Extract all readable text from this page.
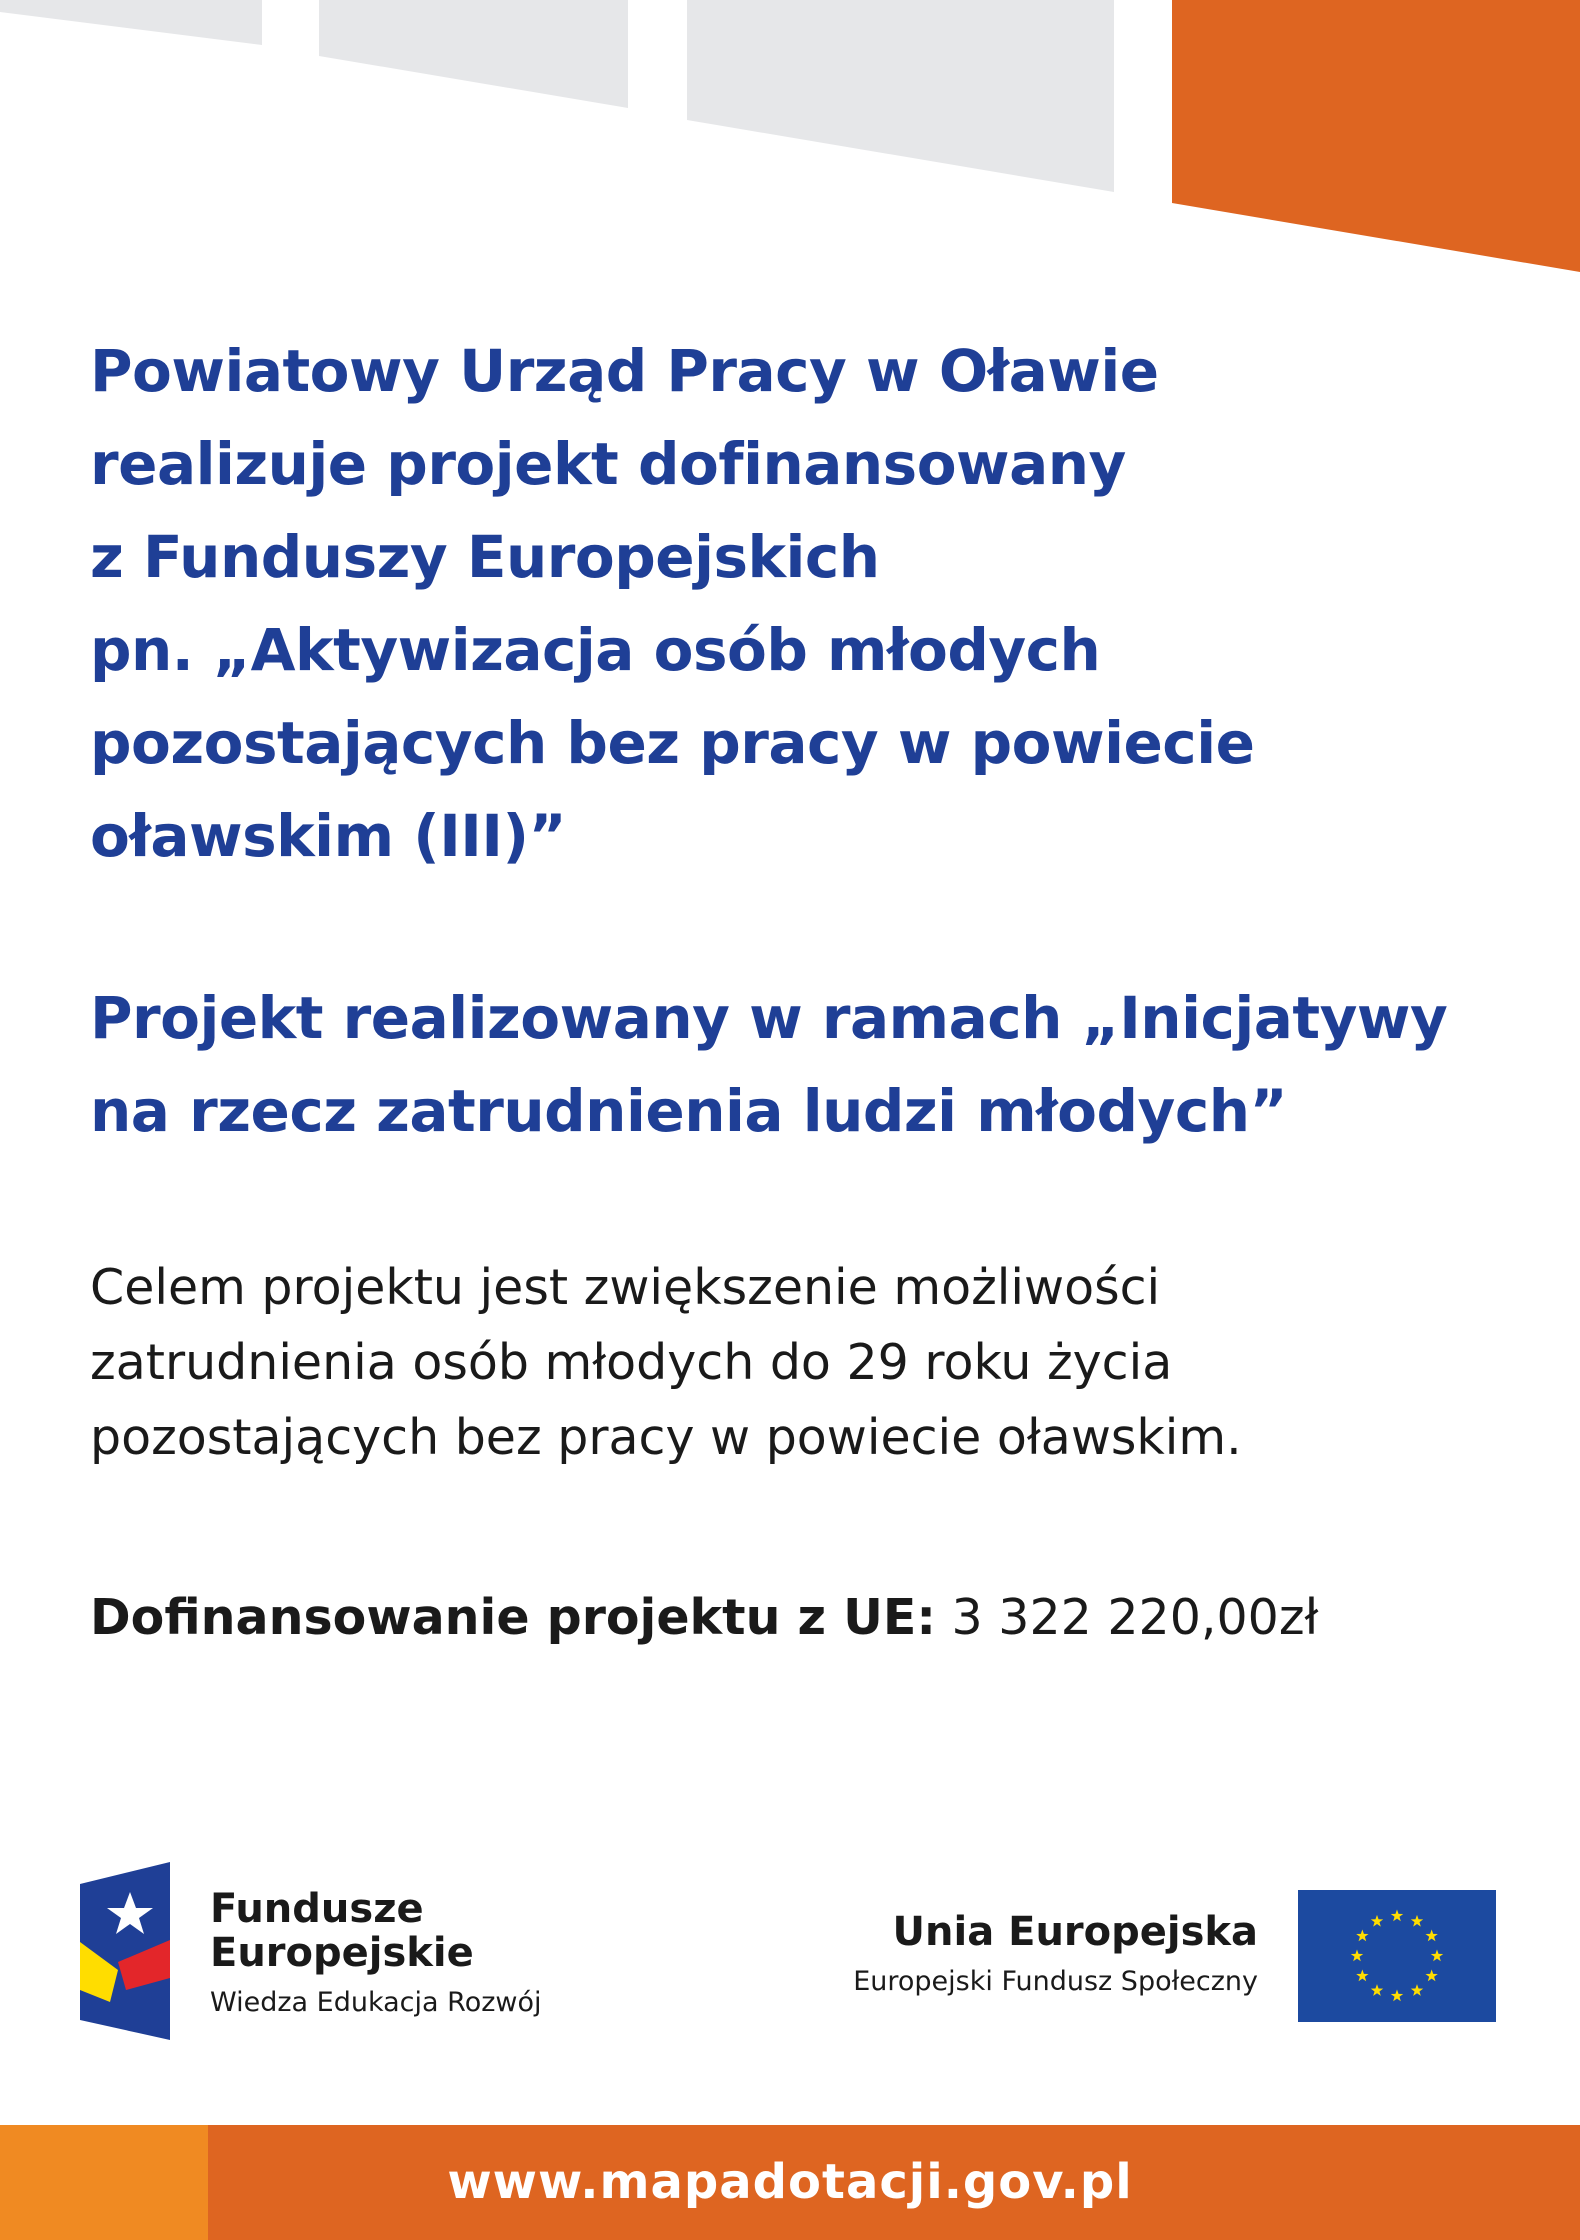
Powiatowy Urząd Pracy w Oławie
realizuje projekt dofinansowany
z Funduszy Europejskich
pn. „Aktywizacja osób młodych
pozostających bez pracy w powiecie
oławskim (III)”
Projekt realizowany w ramach „Inicjatywy
na rzecz zatrudnienia ludzi młodych”
Celem projektu jest zwiększenie możliwości
zatrudnienia osób młodych do 29 roku życia
pozostających bez pracy w powiecie oławskim.
Dofinansowanie projektu z UE: 3 322 220,00zł
Fundusze
Europejskie
Wiedza Edukacja Rozwój
Unia Europejska
Europejski Fundusz Społeczny
www.mapadotacji.gov.pl
